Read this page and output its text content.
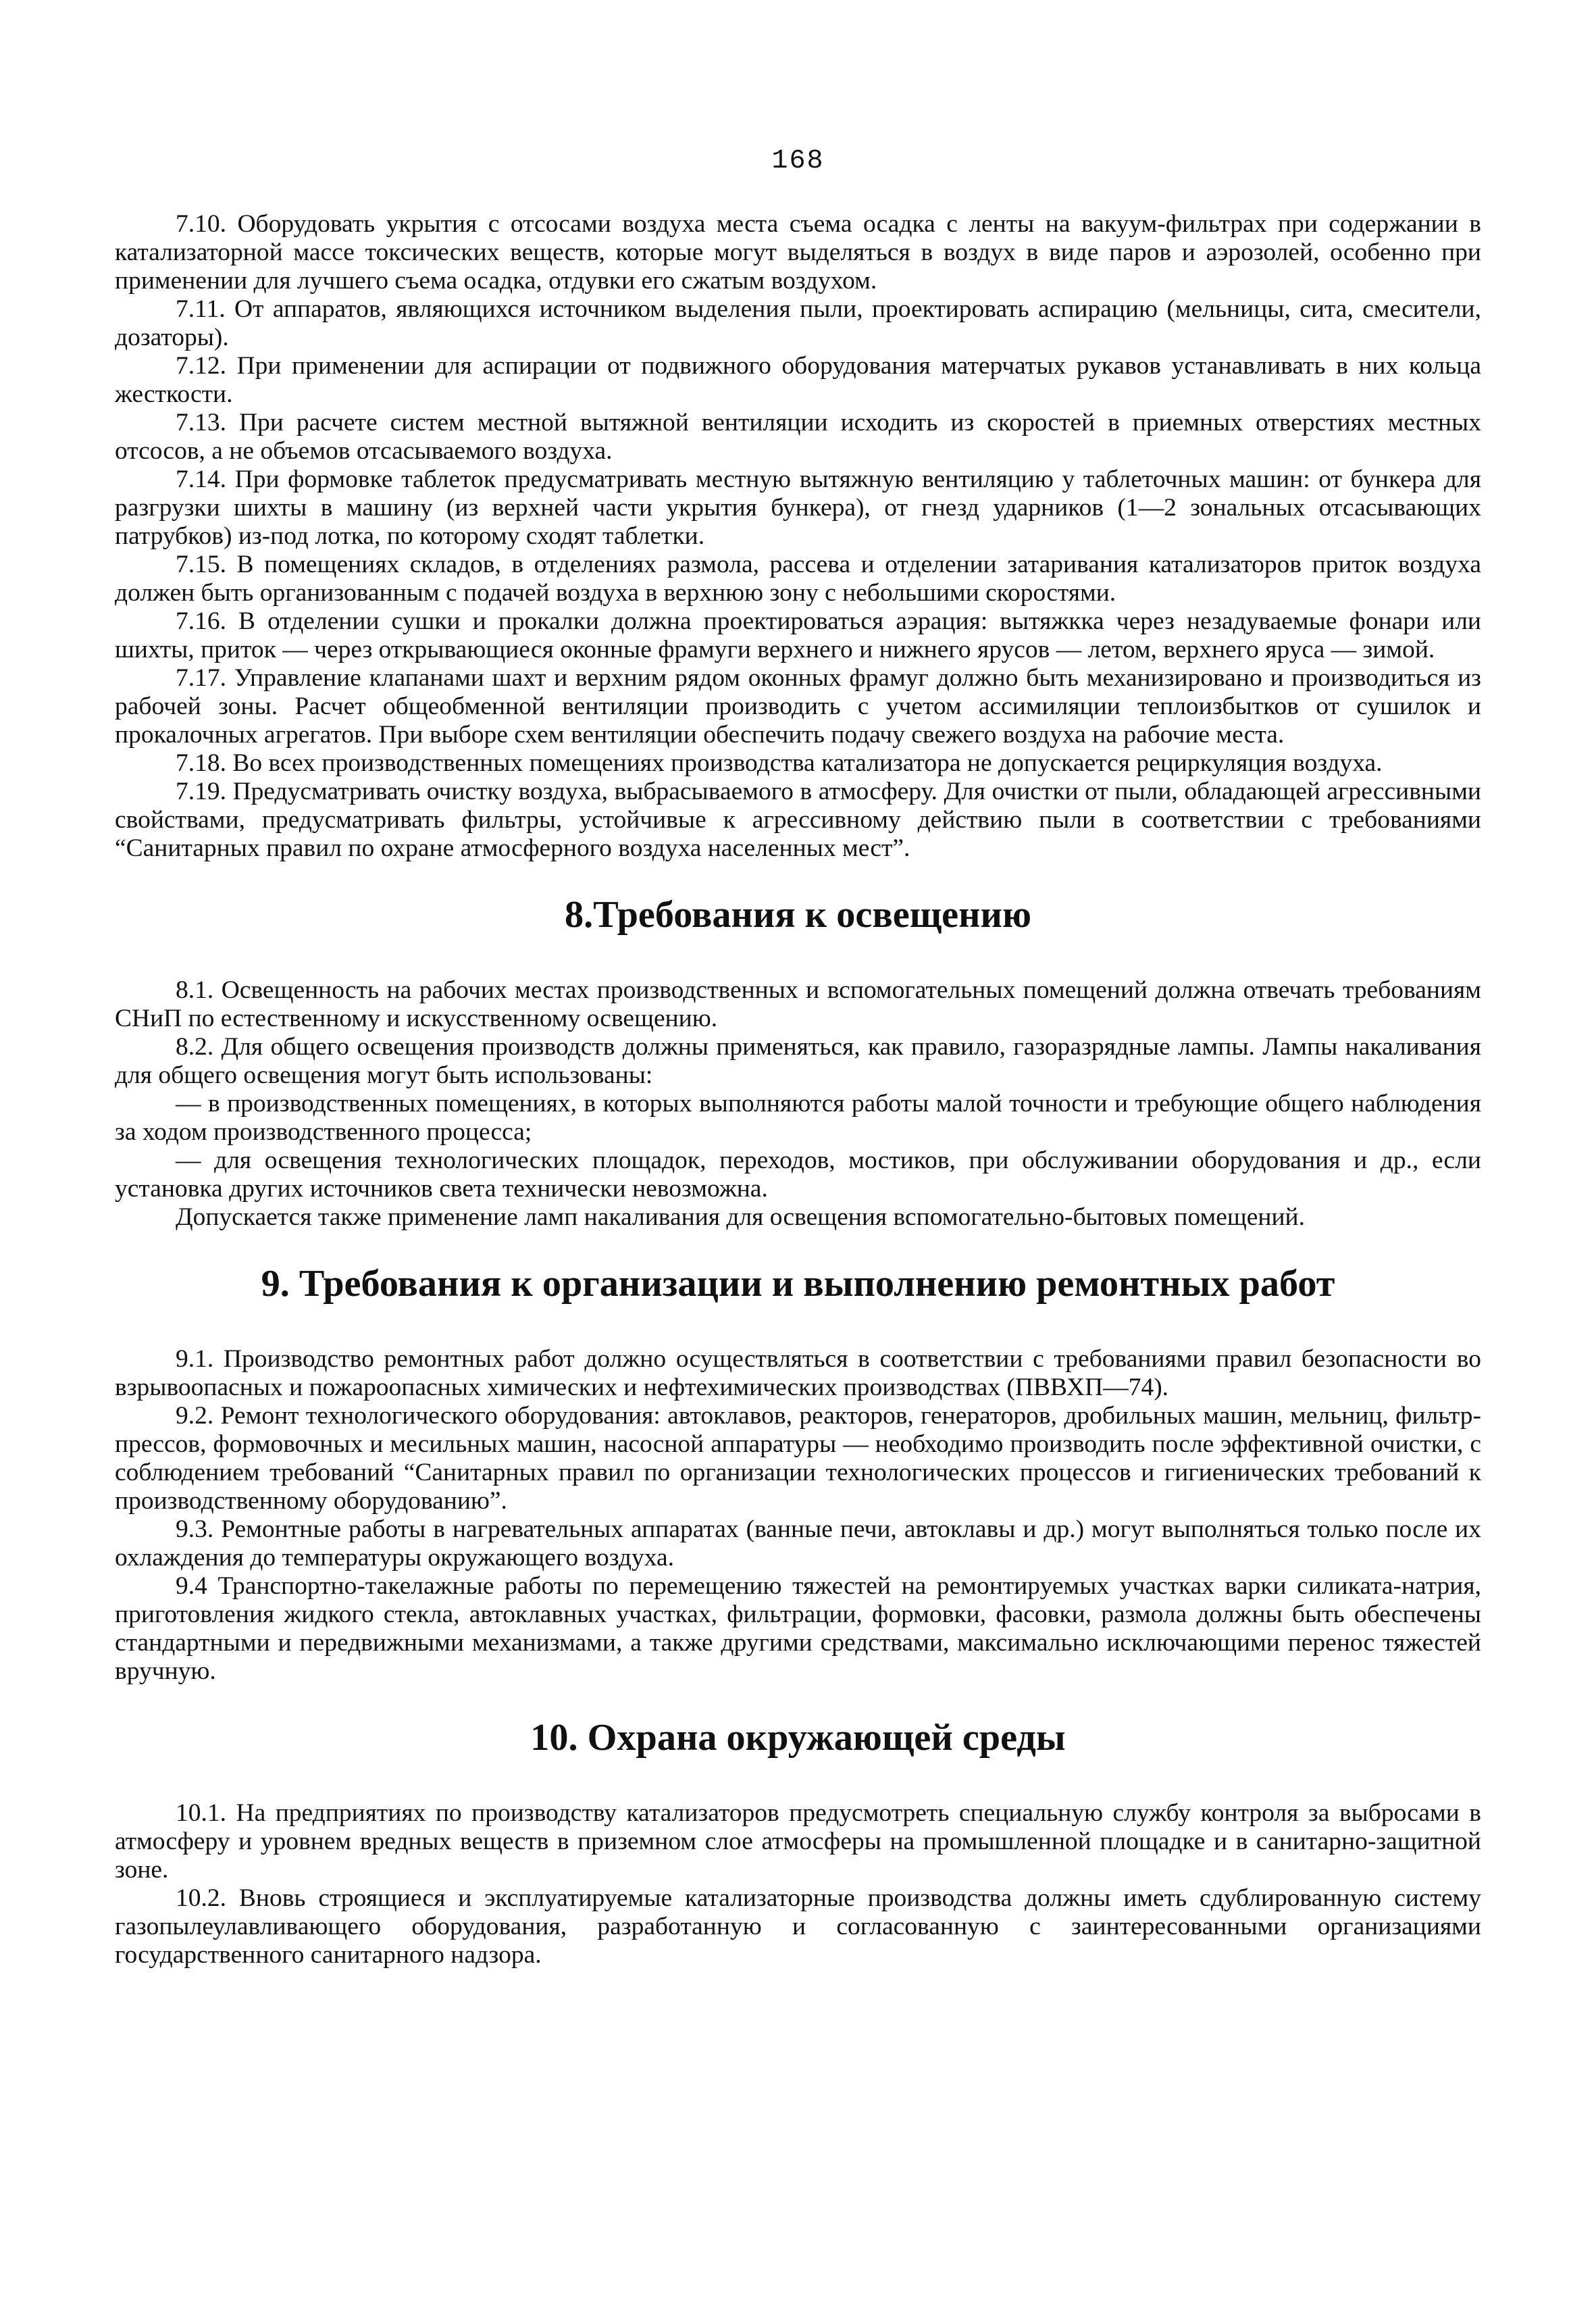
168

7.10. Оборудовать укрытия с отсосами воздуха места съема осадка с ленты на вакуум-фильтрах при содержании в катализаторной массе токсических веществ, которые могут выделяться в воздух в виде паров и аэрозолей, особенно при применении для лучшего съема осадка, отдувки его сжатым воздухом.

7.11. От аппаратов, являющихся источником выделения пыли, проектировать аспирацию (мельницы, сита, смесители, дозаторы).

7.12. При применении для аспирации от подвижного оборудования матерчатых рукавов устанавливать в них кольца жесткости.

7.13. При расчете систем местной вытяжной вентиляции исходить из скоростей в приемных отверстиях местных отсосов, а не объемов отсасываемого воздуха.

7.14. При формовке таблеток предусматривать местную вытяжную вентиляцию у таблеточных машин: от бункера для разгрузки шихты в машину (из верхней части укрытия бункера), от гнезд ударников (1—2 зональных отсасывающих патрубков) из-под лотка, по которому сходят таблетки.

7.15. В помещениях складов, в отделениях размола, рассева и отделении затаривания катализаторов приток воздуха должен быть организованным с подачей воздуха в верхнюю зону с небольшими скоростями.

7.16. В отделении сушки и прокалки должна проектироваться аэрация: вытяжкка через незадуваемые фонари или шихты, приток — через открывающиеся оконные фрамуги верхнего и нижнего ярусов — летом, верхнего яруса — зимой.

7.17. Управление клапанами шахт и верхним рядом оконных фрамуг должно быть механизировано и производиться из рабочей зоны. Расчет общеобменной вентиляции производить с учетом ассимиляции теплоизбытков от сушилок и прокалочных агрегатов. При выборе схем вентиляции обеспечить подачу свежего воздуха на рабочие места.

7.18. Во всех производственных помещениях производства катализатора не допускается рециркуляция воздуха.

7.19. Предусматривать очистку воздуха, выбрасываемого в атмосферу. Для очистки от пыли, обладающей агрессивными свойствами, предусматривать фильтры, устойчивые к агрессивному действию пыли в соответствии с требованиями “Санитарных правил по охране атмосферного воздуха населенных мест”.

8.Требования к освещению

8.1. Освещенность на рабочих местах производственных и вспомогательных помещений должна отвечать требованиям СНиП по естественному и искусственному освещению.

8.2. Для общего освещения производств должны применяться, как правило, газоразрядные лампы. Лампы накаливания для общего освещения могут быть использованы:

— в производственных помещениях, в которых выполняются работы малой точности и требующие общего наблюдения за ходом производственного процесса;

— для освещения технологических площадок, переходов, мостиков, при обслуживании оборудования и др., если установка других источников света технически невозможна.

Допускается также применение ламп накаливания для освещения вспомогательно-бытовых помещений.

9. Требования к организации и выполнению ремонтных работ

9.1. Производство ремонтных работ должно осуществляться в соответствии с требованиями правил безопасности во взрывоопасных и пожароопасных химических и нефтехимических производствах (ПВВХП—74).

9.2. Ремонт технологического оборудования: автоклавов, реакторов, генераторов, дробильных машин, мельниц, фильтр-прессов, формовочных и месильных машин, насосной аппаратуры — необходимо производить после эффективной очистки, с соблюдением требований “Санитарных правил по организации технологических процессов и гигиенических требований к производственному оборудованию”.

9.3. Ремонтные работы в нагревательных аппаратах (ванные печи, автоклавы и др.) могут выполняться только после их охлаждения до температуры окружающего воздуха.

9.4 Транспортно-такелажные работы по перемещению тяжестей на ремонтируемых участках варки силиката-натрия, приготовления жидкого стекла, автоклавных участках, фильтрации, формовки, фасовки, размола должны быть обеспечены стандартными и передвижными механизмами, а также другими средствами, максимально исключающими перенос тяжестей вручную.

10. Охрана окружающей среды

10.1. На предприятиях по производству катализаторов предусмотреть специальную службу контроля за выбросами в атмосферу и уровнем вредных веществ в приземном слое атмосферы на промышленной площадке и в санитарно-защитной зоне.

10.2. Вновь строящиеся и эксплуатируемые катализаторные производства должны иметь сдублированную систему газопылеулавливающего оборудования, разработанную и согласованную с заинтересованными организациями государственного санитарного надзора.
